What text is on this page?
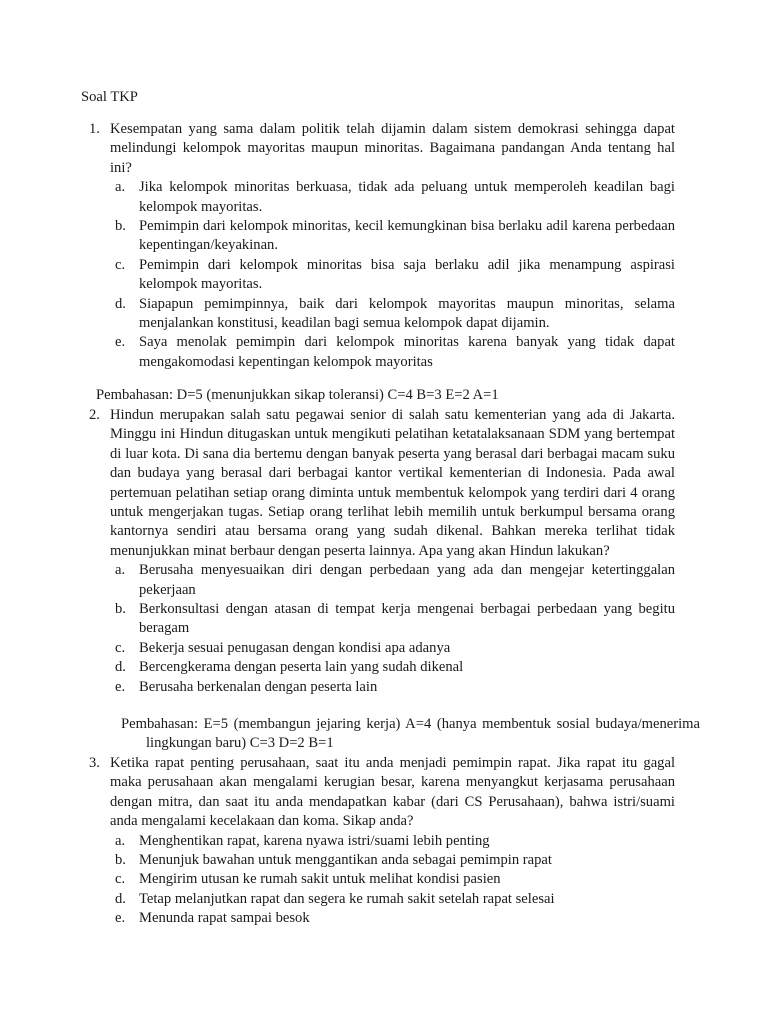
Soal TKP
1. Kesempatan yang sama dalam politik telah dijamin dalam sistem demokrasi sehingga dapat melindungi kelompok mayoritas maupun minoritas. Bagaimana pandangan Anda tentang hal ini?
a. Jika kelompok minoritas berkuasa, tidak ada peluang untuk memperoleh keadilan bagi kelompok mayoritas.
b. Pemimpin dari kelompok minoritas, kecil kemungkinan bisa berlaku adil karena perbedaan kepentingan/keyakinan.
c. Pemimpin dari kelompok minoritas bisa saja berlaku adil jika menampung aspirasi kelompok mayoritas.
d. Siapapun pemimpinnya, baik dari kelompok mayoritas maupun minoritas, selama menjalankan konstitusi, keadilan bagi semua kelompok dapat dijamin.
e. Saya menolak pemimpin dari kelompok minoritas karena banyak yang tidak dapat mengakomodasi kepentingan kelompok mayoritas
Pembahasan: D=5 (menunjukkan sikap toleransi) C=4 B=3 E=2 A=1
2. Hindun merupakan salah satu pegawai senior di salah satu kementerian yang ada di Jakarta. Minggu ini Hindun ditugaskan untuk mengikuti pelatihan ketatalaksanaan SDM yang bertempat di luar kota. Di sana dia bertemu dengan banyak peserta yang berasal dari berbagai macam suku dan budaya yang berasal dari berbagai kantor vertikal kementerian di Indonesia. Pada awal pertemuan pelatihan setiap orang diminta untuk membentuk kelompok yang terdiri dari 4 orang untuk mengerjakan tugas. Setiap orang terlihat lebih memilih untuk berkumpul bersama orang kantornya sendiri atau bersama orang yang sudah dikenal. Bahkan mereka terlihat tidak menunjukkan minat berbaur dengan peserta lainnya. Apa yang akan Hindun lakukan?
a. Berusaha menyesuaikan diri dengan perbedaan yang ada dan mengejar ketertinggalan pekerjaan
b. Berkonsultasi dengan atasan di tempat kerja mengenai berbagai perbedaan yang begitu beragam
c. Bekerja sesuai penugasan dengan kondisi apa adanya
d. Bercengkerama dengan peserta lain yang sudah dikenal
e. Berusaha berkenalan dengan peserta lain
Pembahasan: E=5 (membangun jejaring kerja) A=4 (hanya membentuk sosial budaya/menerima lingkungan baru) C=3 D=2 B=1
3. Ketika rapat penting perusahaan, saat itu anda menjadi pemimpin rapat. Jika rapat itu gagal maka perusahaan akan mengalami kerugian besar, karena menyangkut kerjasama perusahaan dengan mitra, dan saat itu anda mendapatkan kabar (dari CS Perusahaan), bahwa istri/suami anda mengalami kecelakaan dan koma. Sikap anda?
a. Menghentikan rapat, karena nyawa istri/suami lebih penting
b. Menunjuk bawahan untuk menggantikan anda sebagai pemimpin rapat
c. Mengirim utusan ke rumah sakit untuk melihat kondisi pasien
d. Tetap melanjutkan rapat dan segera ke rumah sakit setelah rapat selesai
e. Menunda rapat sampai besok
